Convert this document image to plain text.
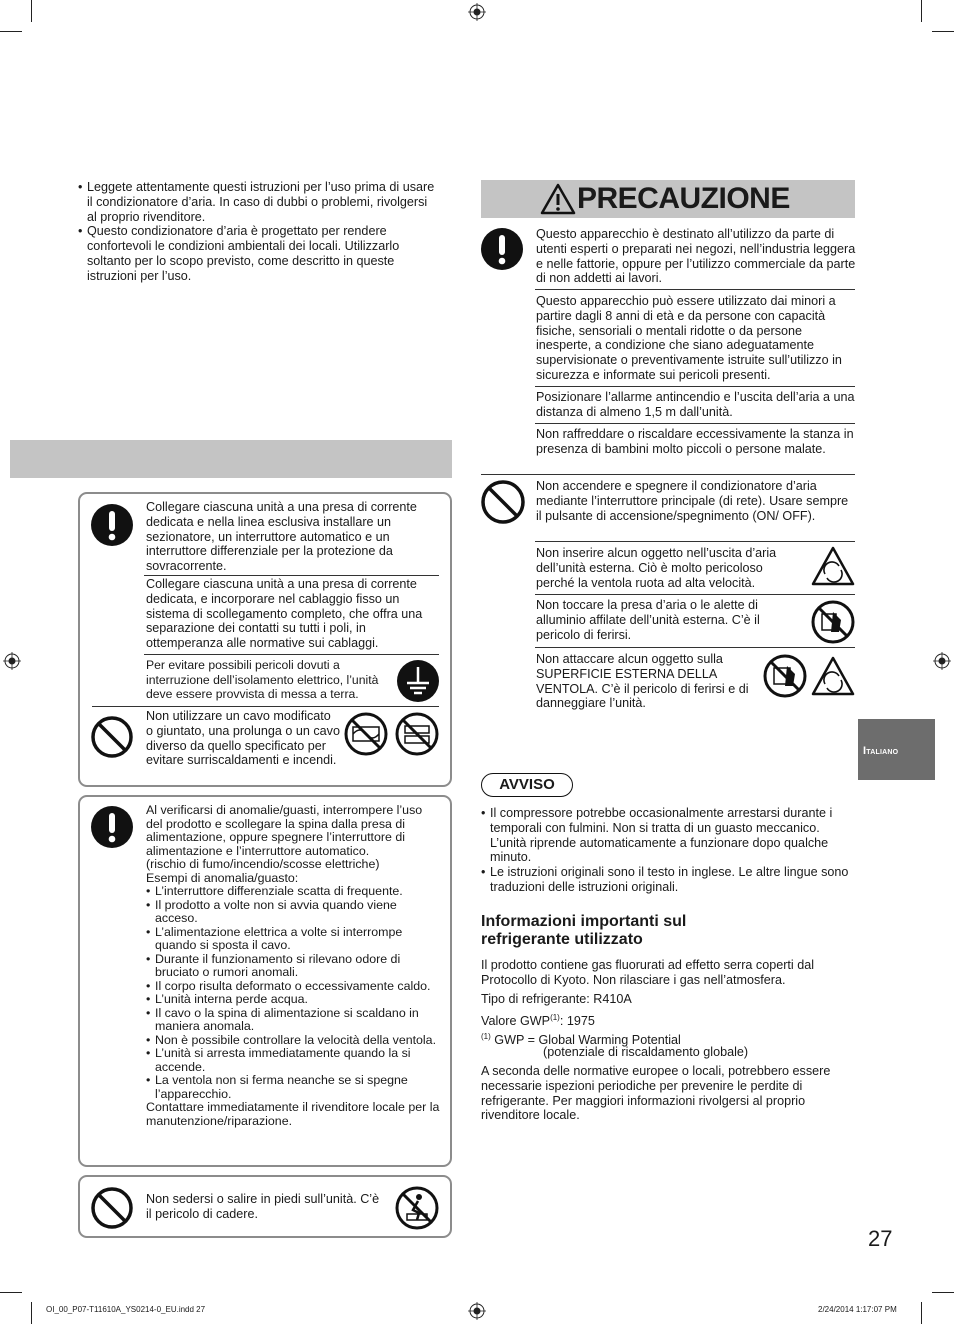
• Leggete attentamente questi istruzioni per l’uso prima di usare il condizionatore d’aria. In caso di dubbi o problemi, rivolgersi al proprio rivenditore.
• Questo condizionatore d’aria è progettato per rendere confortevoli le condizioni ambientali dei locali. Utilizzarlo soltanto per lo scopo previsto, come descritto in queste istruzioni per l’uso.
Collegare ciascuna unità a una presa di corrente dedicata e nella linea esclusiva installare un sezionatore, un interruttore automatico e un interruttore differenziale per la protezione da sovracorrente.
Collegare ciascuna unità a una presa di corrente dedicata, e incorporare nel cablaggio fisso un sistema di scollegamento completo, che offra una separazione dei contatti su tutti i poli, in ottemperanza alle normative sui cablaggi.
Per evitare possibili pericoli dovuti a interruzione dell’isolamento elettrico, l’unità deve essere provvista di messa a terra.
Non utilizzare un cavo modificato o giuntato, una prolunga o un cavo diverso da quello specificato per evitare surriscaldamenti e incendi.

Al verificarsi di anomalie/guasti, interrompere l’uso del prodotto e scollegare la spina dalla presa di alimentazione, oppure spegnere l’interruttore di alimentazione e l’interruttore automatico.

(rischio di fumo/incendio/scosse elettriche)

Esempi di anomalia/guasto:

• L’interruttore differenziale scatta di frequente.
• Il prodotto a volte non si avvia quando viene acceso.
• L’alimentazione elettrica a volte si interrompe quando si sposta il cavo.
• Durante il funzionamento si rilevano odore di bruciato o rumori anomali.
• Il corpo risulta deformato o eccessivamente caldo.
• L’unità interna perde acqua.
• Il cavo o la spina di alimentazione si scaldano in maniera anomala.
• Non è possibile controllare la velocità della ventola.
• L’unità si arresta immediatamente quando la si accende.
• La ventola non si ferma neanche se si spegne l’apparecchio.

Contattare immediatamente il rivenditore locale per la manutenzione/riparazione.

Non sedersi o salire in piedi sull’unità. C’è il pericolo di cadere.
PRECAUZIONE
Questo apparecchio è destinato all’utilizzo da parte di utenti esperti o preparati nei negozi, nell’industria leggera e nelle fattorie, oppure per l’utilizzo commerciale da parte di non addetti ai lavori.
Questo apparecchio può essere utilizzato dai minori a partire dagli 8 anni di età e da persone con capacità fisiche, sensoriali o mentali ridotte o da persone inesperte, a condizione che siano adeguatamente supervisionate o preventivamente istruite sull’utilizzo in sicurezza e informate sui pericoli presenti.
Posizionare l’allarme antincendio e l’uscita dell’aria a una distanza di almeno 1,5 m dall’unità.
Non raffreddare o riscaldare eccessivamente la stanza in presenza di bambini molto piccoli o persone malate.
Non accendere e spegnere il condizionatore d’aria mediante l’interruttore principale (di rete). Usare sempre il pulsante di accensione/spegnimento (ON/ OFF).
Non inserire alcun oggetto nell’uscita d’aria dell’unità esterna. Ciò è molto pericoloso perché la ventola ruota ad alta velocità.
Non toccare la presa d’aria o le alette di alluminio affilate dell’unità esterna. C’è il pericolo di ferirsi.
Non attaccare alcun oggetto sulla SUPERFICIE ESTERNA DELLA VENTOLA. C’è il pericolo di ferirsi e di danneggiare l’unità.
ITALIANO
AVVISO
• Il compressore potrebbe occasionalmente arrestarsi durante i temporali con fulmini. Non si tratta di un guasto meccanico. L’unità riprende automaticamente a funzionare dopo qualche minuto.
• Le istruzioni originali sono il testo in inglese. Le altre lingue sono traduzioni delle istruzioni originali.
Informazioni importanti sul
refrigerante utilizzato
Il prodotto contiene gas fluorurati ad effetto serra coperti dal Protocollo di Kyoto. Non rilasciare i gas nell’atmosfera.
Tipo di refrigerante: R410A
Valore GWP$^{(1)}$: 1975
$^{(1)}$ GWP = Global Warming Potential
(potenziale di riscaldamento globale)
A seconda delle normative europee o locali, potrebbero essere necessarie ispezioni periodiche per prevenire le perdite di refrigerante. Per maggiori informazioni rivolgersi al proprio rivenditore locale.
27
OI_00_P07-T11610A_YS0214-0_EU.indd 27	2/24/2014 1:17:07 PM
